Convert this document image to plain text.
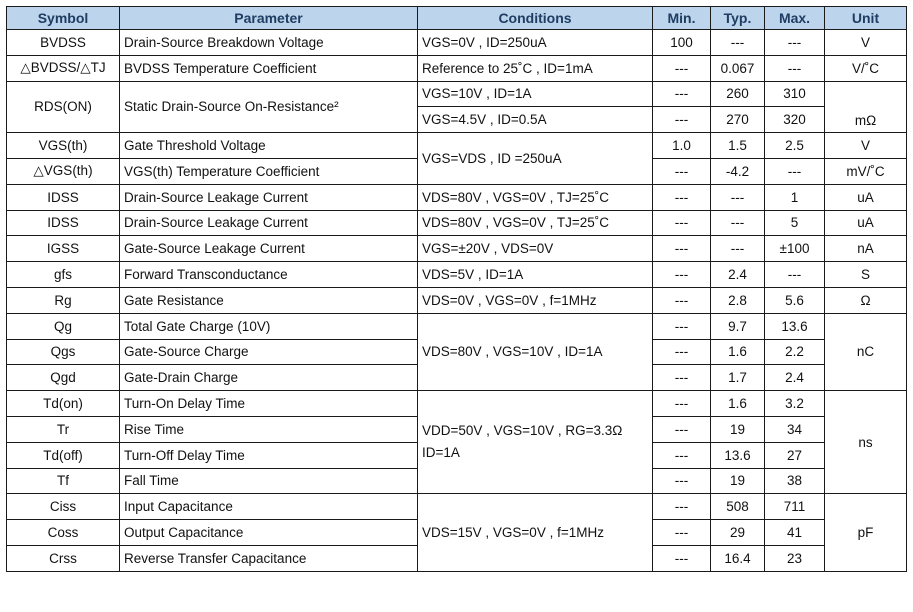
Symbol	Parameter	Conditions	Min.	Typ.	Max.	Unit
BVDSS	Drain-Source Breakdown Voltage	VGS=0V , ID=250uA	100	---	---	V
△BVDSS/△TJ	BVDSS Temperature Coefficient	Reference to 25˚C , ID=1mA	---	0.067	---	V/˚C
RDS(ON)	Static Drain-Source On-Resistance²	VGS=10V , ID=1A	---	260	310	mΩ
		VGS=4.5V , ID=0.5A	---	270	320	
VGS(th)	Gate Threshold Voltage	VGS=VDS , ID =250uA	1.0	1.5	2.5	V
△VGS(th)	VGS(th) Temperature Coefficient		---	-4.2	---	mV/˚C
IDSS	Drain-Source Leakage Current	VDS=80V , VGS=0V , TJ=25˚C	---	---	1	uA
IDSS	Drain-Source Leakage Current	VDS=80V , VGS=0V , TJ=25˚C	---	---	5	uA
IGSS	Gate-Source Leakage Current	VGS=±20V , VDS=0V	---	---	±100	nA
gfs	Forward Transconductance	VDS=5V , ID=1A	---	2.4	---	S
Rg	Gate Resistance	VDS=0V , VGS=0V , f=1MHz	---	2.8	5.6	Ω
Qg	Total Gate Charge (10V)	VDS=80V , VGS=10V , ID=1A	---	9.7	13.6	nC
Qgs	Gate-Source Charge		---	1.6	2.2	
Qgd	Gate-Drain Charge		---	1.7	2.4	
Td(on)	Turn-On Delay Time	VDD=50V , VGS=10V , RG=3.3Ω ID=1A	---	1.6	3.2	ns
Tr	Rise Time		---	19	34	
Td(off)	Turn-Off Delay Time		---	13.6	27	
Tf	Fall Time		---	19	38	
Ciss	Input Capacitance	VDS=15V , VGS=0V , f=1MHz	---	508	711	pF
Coss	Output Capacitance		---	29	41	
Crss	Reverse Transfer Capacitance		---	16.4	23	
